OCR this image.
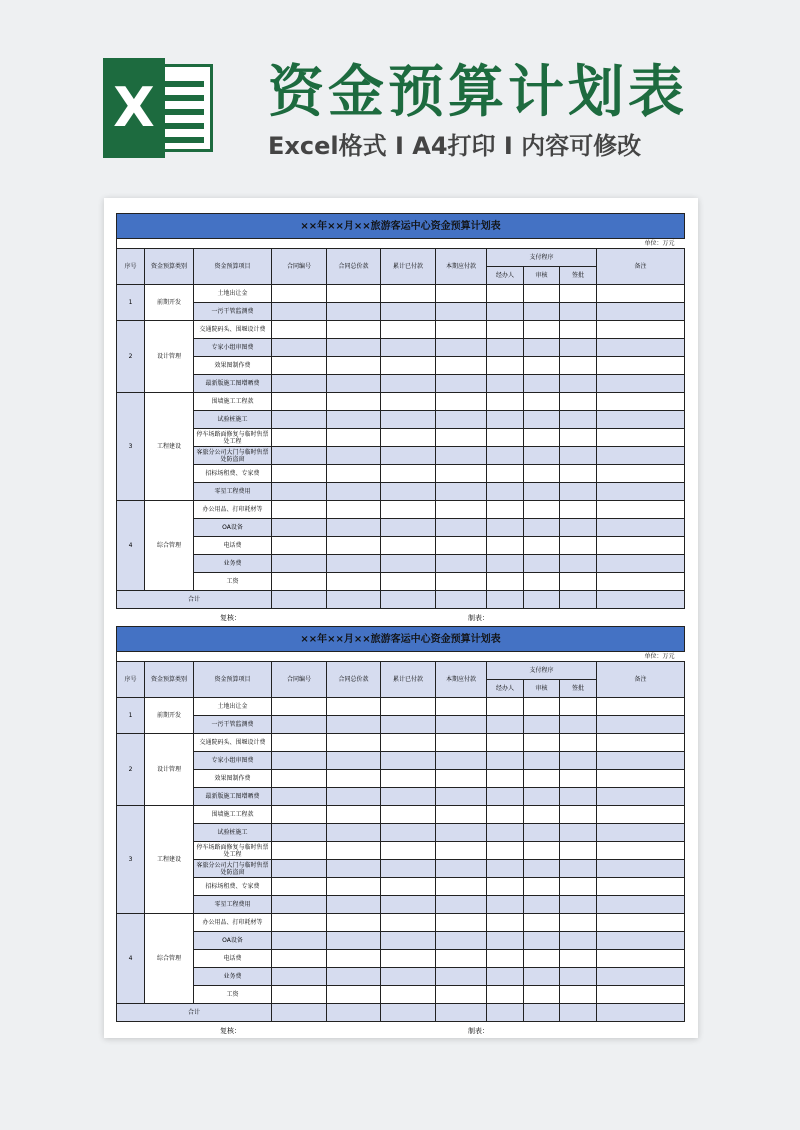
X 资金预算计划表
Excel格式 I A4打印 I 内容可修改
××年××月××旅游客运中心资金预算计划表										
										单位：万元
序号	资金预算类别	资金预算项目	合同编号	合同总价款	累计已付款	本期应付款	支付程序			备注
							经办人	审核	签批	
1	前期开发	土地出让金								
		一污干管监测费								
2	设计管理	交通院码头、围堰设计费								
		专家小组审图费								
		效果图制作费								
		最新版施工图增晒费								
3	工程建设	围墙施工工程款								
		试验桩施工								
		停车场路面修复与临时售票处工程								
		客旅分公司大门与临时售票处防盗窗								
		招标场租费、专家费								
		零星工程费用								
4	综合管理	办公用品、打印耗材等								
		OA设备								
		电话费								
		业务费								
		工资								
合计										
复核：	制表：
××年××月××旅游客运中心资金预算计划表										
										单位：万元
序号	资金预算类别	资金预算项目	合同编号	合同总价款	累计已付款	本期应付款	支付程序			备注
							经办人	审核	签批	
1	前期开发	土地出让金								
		一污干管监测费								
2	设计管理	交通院码头、围堰设计费								
		专家小组审图费								
		效果图制作费								
		最新版施工图增晒费								
3	工程建设	围墙施工工程款								
		试验桩施工								
		停车场路面修复与临时售票处工程								
		客旅分公司大门与临时售票处防盗窗								
		招标场租费、专家费								
		零星工程费用								
4	综合管理	办公用品、打印耗材等								
		OA设备								
		电话费								
		业务费								
		工资								
合计										
复核：	制表：
